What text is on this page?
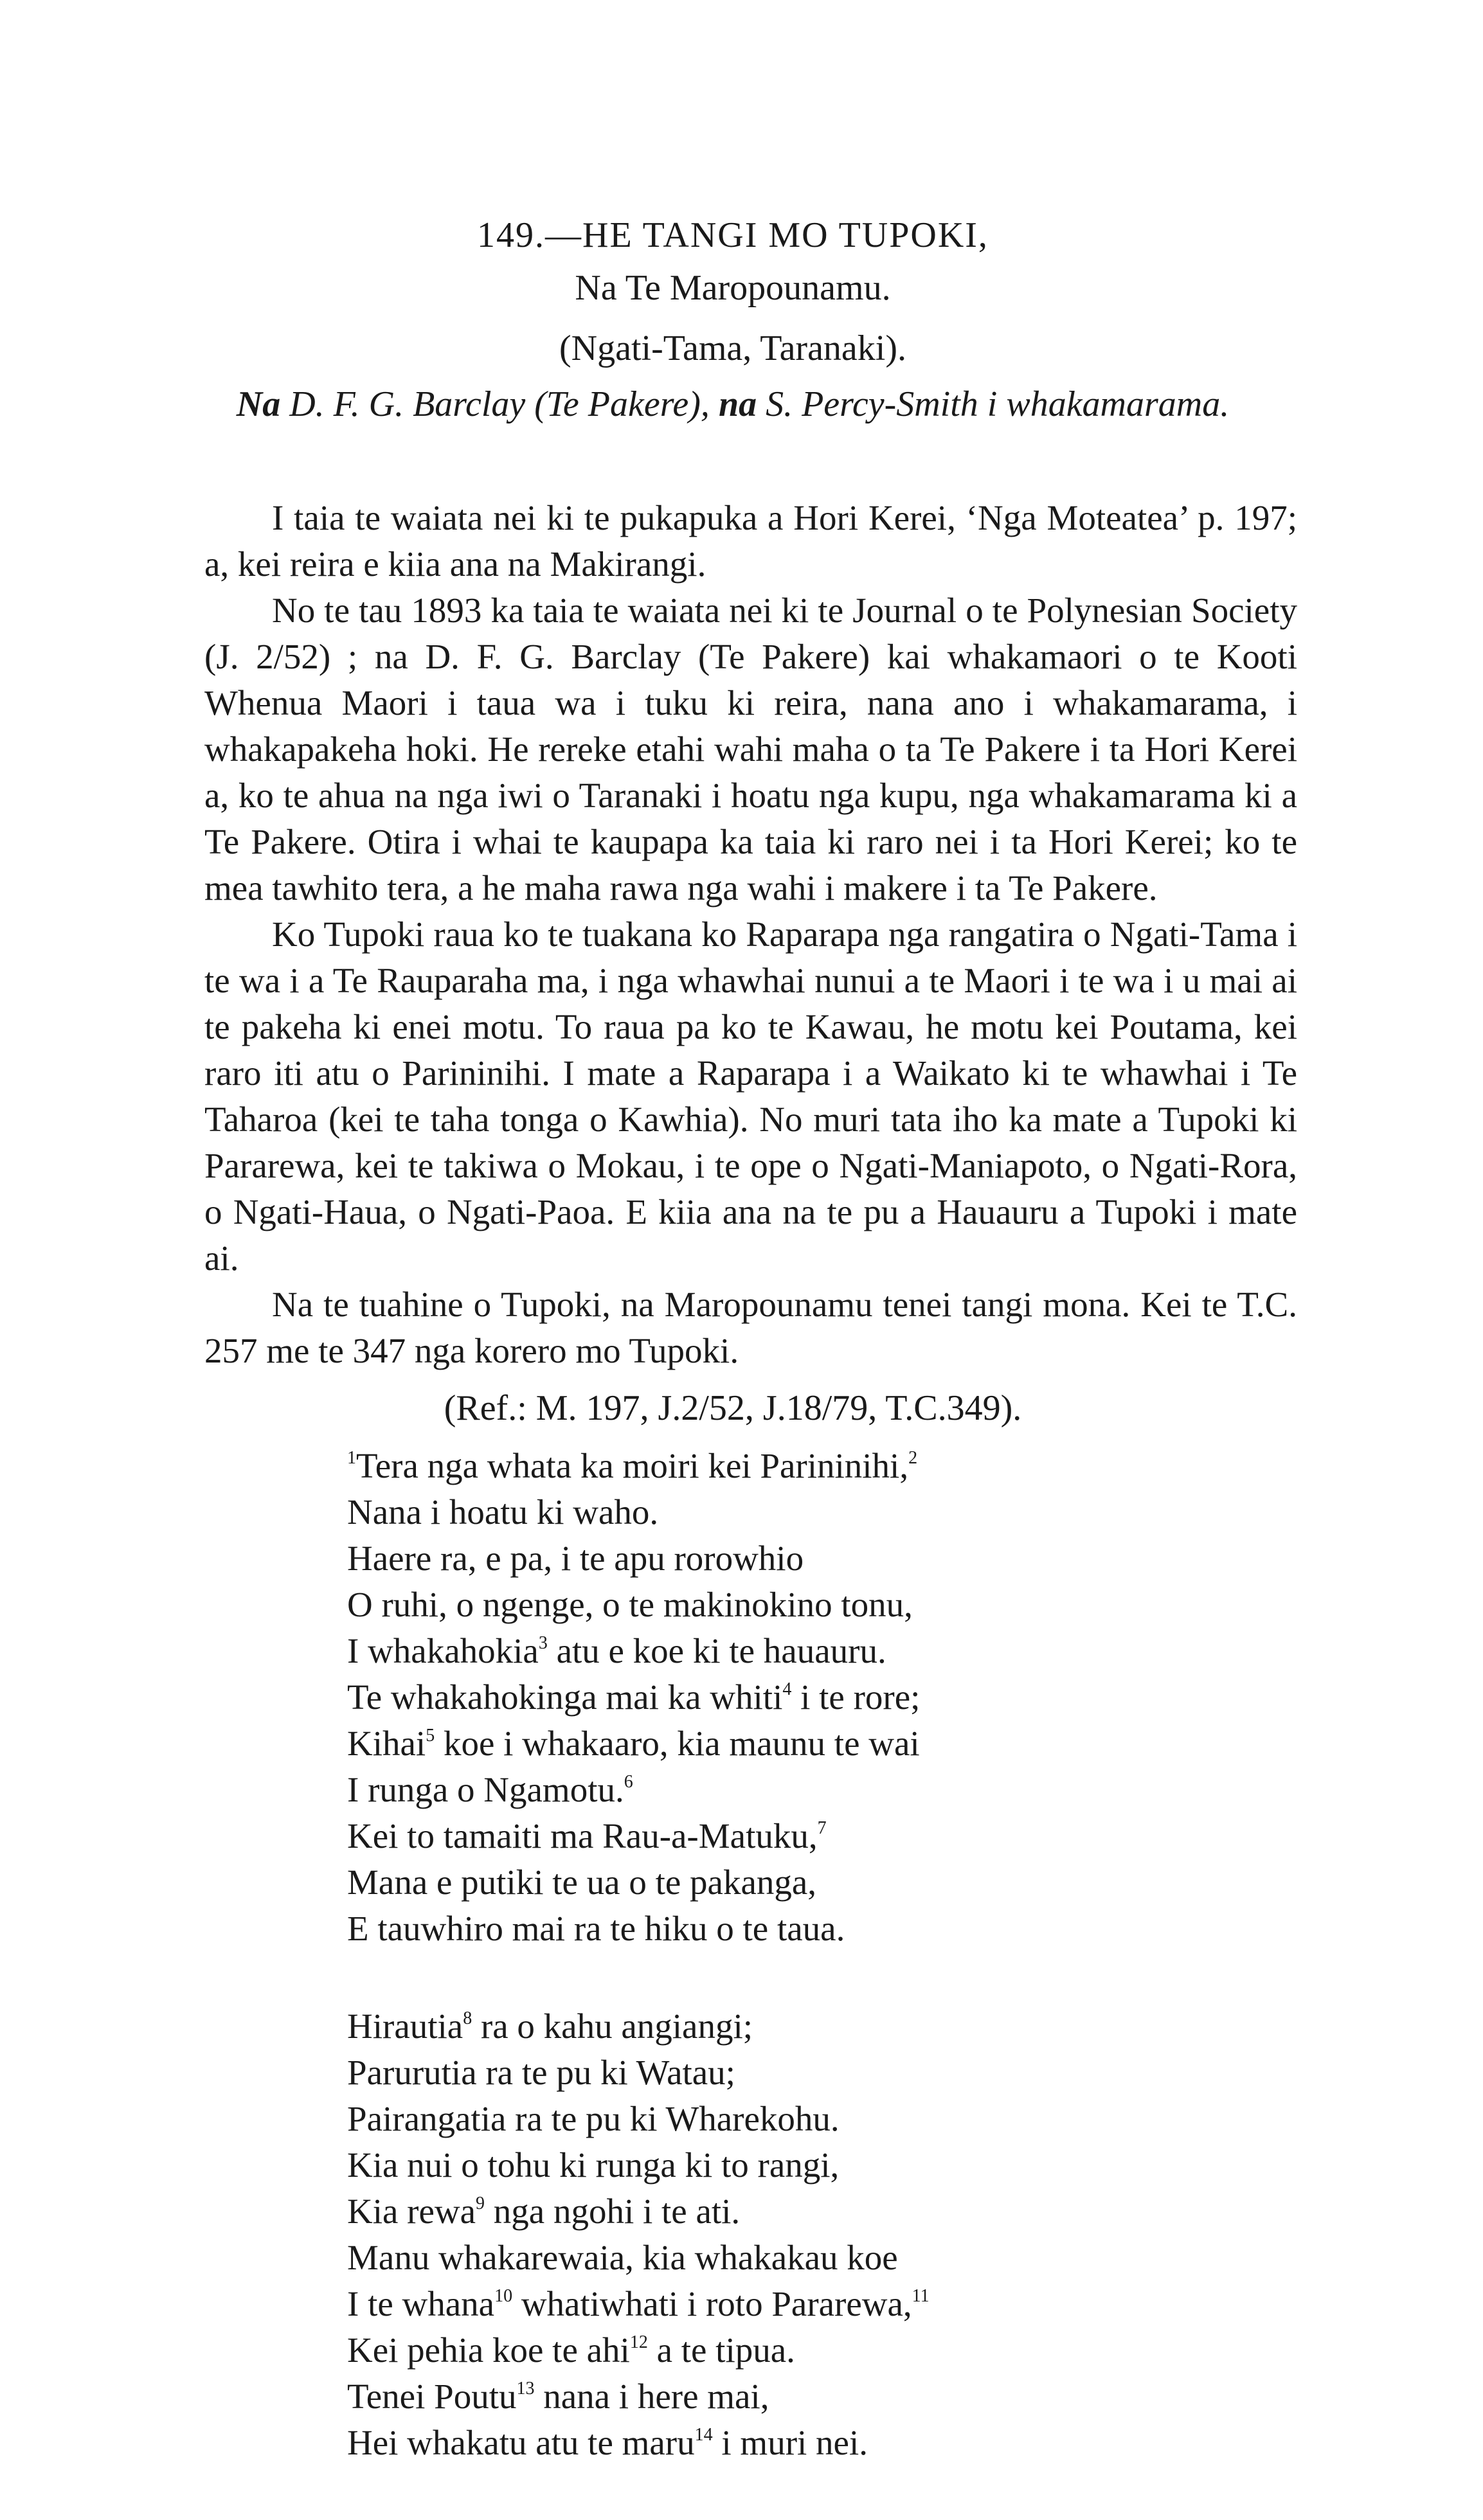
149.—HE TANGI MO TUPOKI,
Na Te Maropounamu.
(Ngati-Tama, Taranaki).
Na D. F. G. Barclay (Te Pakere), na S. Percy-Smith i whakamarama.

I taia te waiata nei ki te pukapuka a Hori Kerei, ‘Nga Moteatea’ p. 197; a, kei reira e kiia ana na Makirangi.

No te tau 1893 ka taia te waiata nei ki te Journal o te Polynesian Society (J. 2/52) ; na D. F. G. Barclay (Te Pakere) kai whakamaori o te Kooti Whenua Maori i taua wa i tuku ki reira, nana ano i whakamarama, i whakapakeha hoki. He rereke etahi wahi maha o ta Te Pakere i ta Hori Kerei a, ko te ahua na nga iwi o Taranaki i hoatu nga kupu, nga whakamarama ki a Te Pakere. Otira i whai te kaupapa ka taia ki raro nei i ta Hori Kerei; ko te mea tawhito tera, a he maha rawa nga wahi i makere i ta Te Pakere.

Ko Tupoki raua ko te tuakana ko Raparapa nga rangatira o Ngati-Tama i te wa i a Te Rauparaha ma, i nga whawhai nunui a te Maori i te wa i u mai ai te pakeha ki enei motu. To raua pa ko te Kawau, he motu kei Poutama, kei raro iti atu o Parininihi. I mate a Raparapa i a Waikato ki te whawhai i Te Taharoa (kei te taha tonga o Kawhia). No muri tata iho ka mate a Tupoki ki Pararewa, kei te takiwa o Mokau, i te ope o Ngati-Maniapoto, o Ngati-Rora, o Ngati-Haua, o Ngati-Paoa. E kiia ana na te pu a Hauauru a Tupoki i mate ai.

Na te tuahine o Tupoki, na Maropounamu tenei tangi mona. Kei te T.C. 257 me te 347 nga korero mo Tupoki.

(Ref.: M. 197, J.2/52, J.18/79, T.C.349).
$^1$Tera nga whata ka moiri kei Parininihi,$^2$
Nana i hoatu ki waho.
Haere ra, e pa, i te apu rorowhio
O ruhi, o ngenge, o te makinokino tonu,
I whakahokia$^3$ atu e koe ki te hauauru.
Te whakahokinga mai ka whiti$^4$ i te rore;
Kihai$^5$ koe i whakaaro, kia maunu te wai
I runga o Ngamotu.$^6$
Kei to tamaiti ma Rau-a-Matuku,$^7$
Mana e putiki te ua o te pakanga,
E tauwhiro mai ra te hiku o te taua.
Hirautia$^8$ ra o kahu angiangi;
Parurutia ra te pu ki Watau;
Pairangatia ra te pu ki Wharekohu.
Kia nui o tohu ki runga ki to rangi,
Kia rewa$^9$ nga ngohi i te ati.
Manu whakarewaia, kia whakakau koe
I te whana$^{10}$ whatiwhati i roto Pararewa,$^{11}$
Kei pehia koe te ahi$^{12}$ a te tipua.
Tenei Poutu$^{13}$ nana i here mai,
Hei whakatu atu te maru$^{14}$ i muri nei.
